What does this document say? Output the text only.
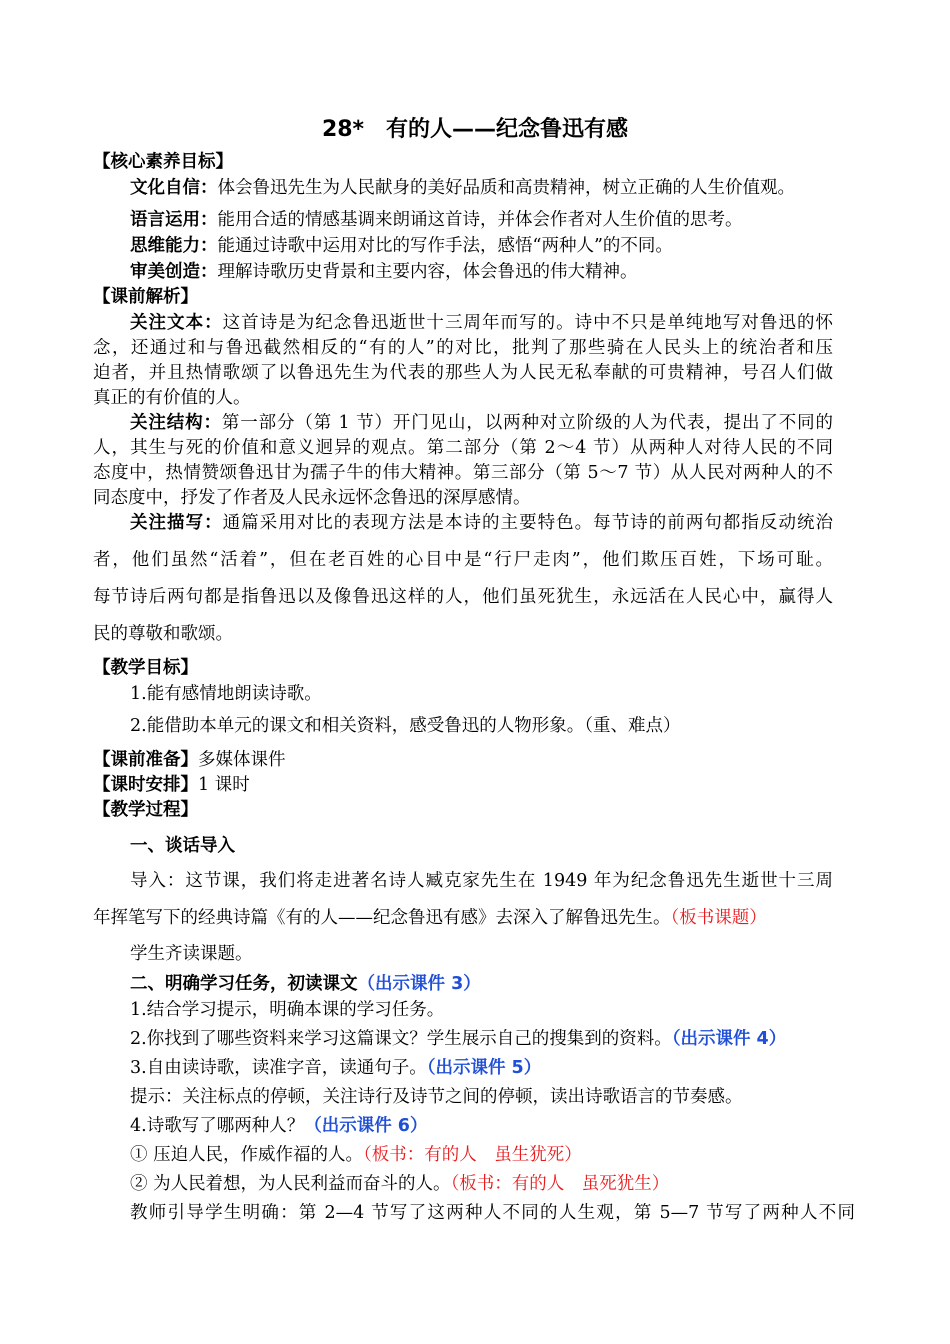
28*　有的人——纪念鲁迅有感
【核心素养目标】
文化自信：体会鲁迅先生为人民献身的美好品质和高贵精神，树立正确的人生价值观。
语言运用：能用合适的情感基调来朗诵这首诗，并体会作者对人生价值的思考。
思维能力：能通过诗歌中运用对比的写作手法，感悟“两种人”的不同。
审美创造：理解诗歌历史背景和主要内容，体会鲁迅的伟大精神。
【课前解析】
关注文本：这首诗是为纪念鲁迅逝世十三周年而写的。诗中不只是单纯地写对鲁迅的怀
念，还通过和与鲁迅截然相反的“有的人”的对比，批判了那些骑在人民头上的统治者和压
迫者，并且热情歌颂了以鲁迅先生为代表的那些人为人民无私奉献的可贵精神，号召人们做
真正的有价值的人。
关注结构：第一部分（第 1 节）开门见山，以两种对立阶级的人为代表，提出了不同的
人，其生与死的价值和意义迥异的观点。第二部分（第 2～4 节）从两种人对待人民的不同
态度中，热情赞颂鲁迅甘为孺子牛的伟大精神。第三部分（第 5～7 节）从人民对两种人的不
同态度中，抒发了作者及人民永远怀念鲁迅的深厚感情。
关注描写：通篇采用对比的表现方法是本诗的主要特色。每节诗的前两句都指反动统治
者，他们虽然“活着”，但在老百姓的心目中是“行尸走肉”，他们欺压百姓，下场可耻。
每节诗后两句都是指鲁迅以及像鲁迅这样的人，他们虽死犹生，永远活在人民心中，赢得人
民的尊敬和歌颂。
【教学目标】
1.能有感情地朗读诗歌。
2.能借助本单元的课文和相关资料，感受鲁迅的人物形象。（重、难点）
【课前准备】多媒体课件
【课时安排】1 课时
【教学过程】
一、谈话导入
导入：这节课，我们将走进著名诗人臧克家先生在 1949 年为纪念鲁迅先生逝世十三周
年挥笔写下的经典诗篇《有的人——纪念鲁迅有感》去深入了解鲁迅先生。（板书课题）
学生齐读课题。
二、明确学习任务，初读课文（出示课件 3）
1.结合学习提示，明确本课的学习任务。
2.你找到了哪些资料来学习这篇课文？学生展示自己的搜集到的资料。（出示课件 4）
3.自由读诗歌，读准字音，读通句子。（出示课件 5）
提示：关注标点的停顿，关注诗行及诗节之间的停顿，读出诗歌语言的节奏感。
4.诗歌写了哪两种人？（出示课件 6）
① 压迫人民，作威作福的人。（板书：有的人　虽生犹死）
② 为人民着想，为人民利益而奋斗的人。（板书：有的人　虽死犹生）
教师引导学生明确：第 2—4 节写了这两种人不同的人生观，第 5—7 节写了两种人不同
